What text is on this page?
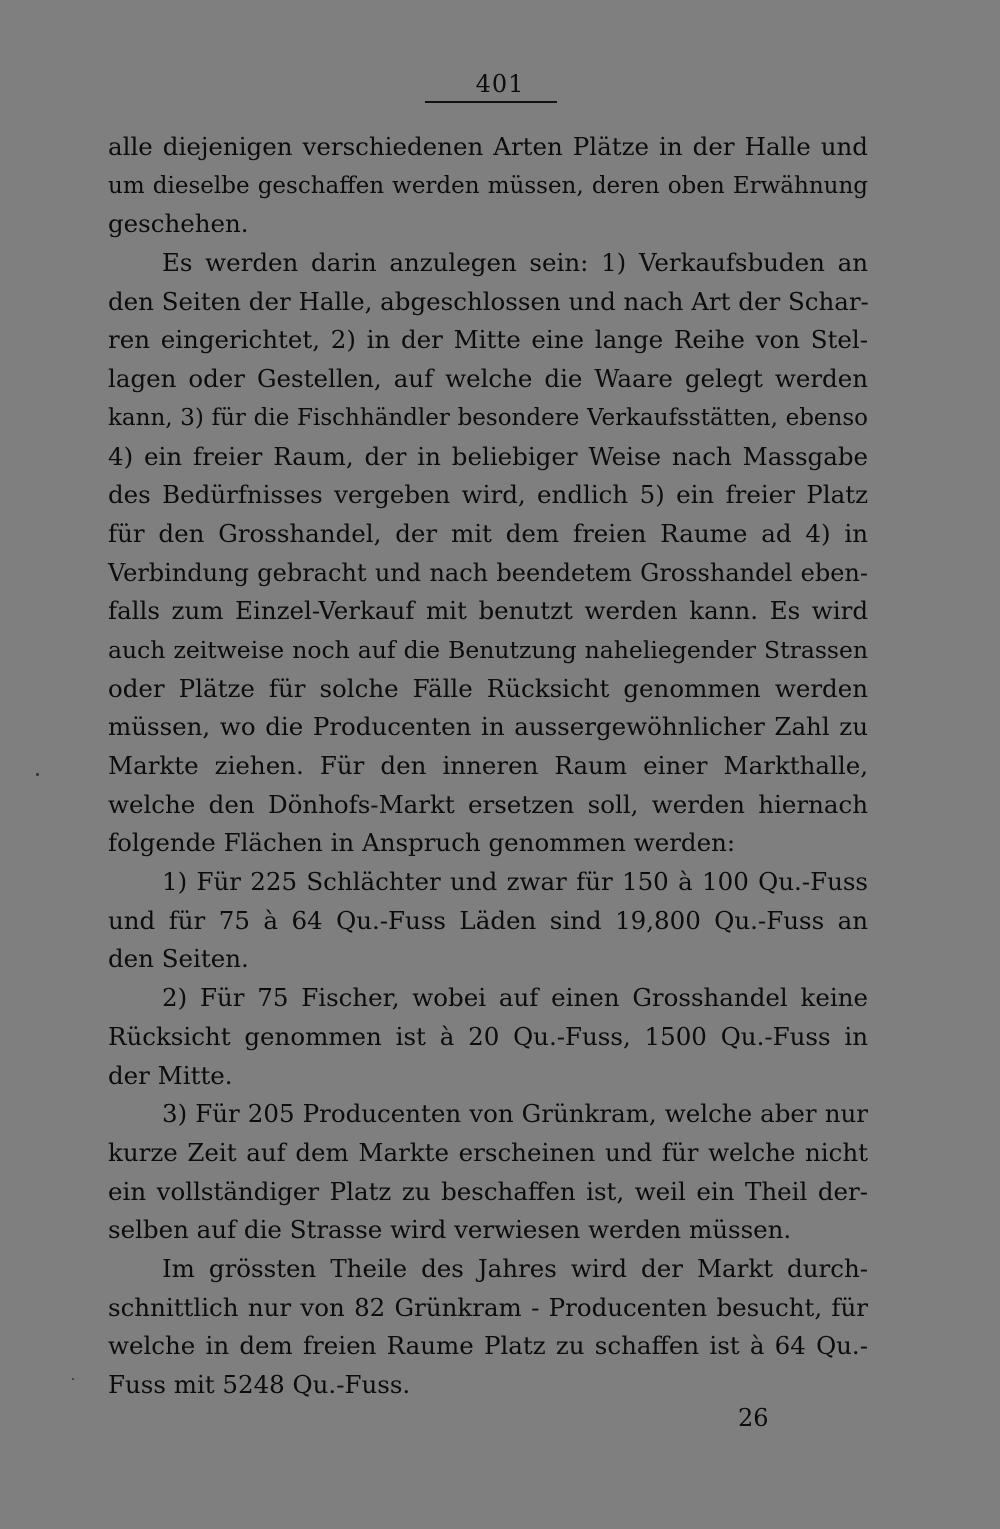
401
alle diejenigen verschiedenen Arten Plätze in der Halle und
um dieselbe geschaffen werden müssen, deren oben Erwähnung
geschehen.
Es werden darin anzulegen sein: 1) Verkaufsbuden an
den Seiten der Halle, abgeschlossen und nach Art der Schar-
ren eingerichtet, 2) in der Mitte eine lange Reihe von Stel-
lagen oder Gestellen, auf welche die Waare gelegt werden
kann, 3) für die Fischhändler besondere Verkaufsstätten, ebenso
4) ein freier Raum, der in beliebiger Weise nach Massgabe
des Bedürfnisses vergeben wird, endlich 5) ein freier Platz
für den Grosshandel, der mit dem freien Raume ad 4) in
Verbindung gebracht und nach beendetem Grosshandel eben-
falls zum Einzel-Verkauf mit benutzt werden kann. Es wird
auch zeitweise noch auf die Benutzung naheliegender Strassen
oder Plätze für solche Fälle Rücksicht genommen werden
müssen, wo die Producenten in aussergewöhnlicher Zahl zu
Markte ziehen. Für den inneren Raum einer Markthalle,
welche den Dönhofs-Markt ersetzen soll, werden hiernach
folgende Flächen in Anspruch genommen werden:
1) Für 225 Schlächter und zwar für 150 à 100 Qu.-Fuss
und für 75 à 64 Qu.-Fuss Läden sind 19,800 Qu.-Fuss an
den Seiten.
2) Für 75 Fischer, wobei auf einen Grosshandel keine
Rücksicht genommen ist à 20 Qu.-Fuss, 1500 Qu.-Fuss in
der Mitte.
3) Für 205 Producenten von Grünkram, welche aber nur
kurze Zeit auf dem Markte erscheinen und für welche nicht
ein vollständiger Platz zu beschaffen ist, weil ein Theil der-
selben auf die Strasse wird verwiesen werden müssen.
Im grössten Theile des Jahres wird der Markt durch-
schnittlich nur von 82 Grünkram - Producenten besucht, für
welche in dem freien Raume Platz zu schaffen ist à 64 Qu.-
Fuss mit 5248 Qu.-Fuss.
26
